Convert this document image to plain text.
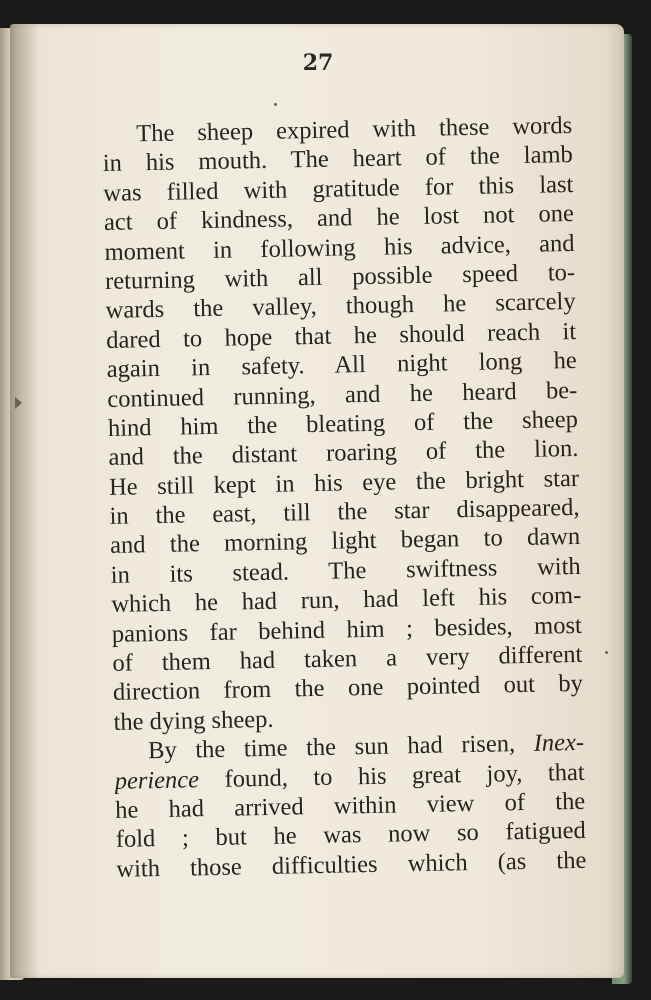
27
The sheep expired with these words
in his mouth. The heart of the lamb
was filled with gratitude for this last
act of kindness, and he lost not one
moment in following his advice, and
returning with all possible speed to-
wards the valley, though he scarcely
dared to hope that he should reach it
again in safety. All night long he
continued running, and he heard be-
hind him the bleating of the sheep
and the distant roaring of the lion.
He still kept in his eye the bright star
in the east, till the star disappeared,
and the morning light began to dawn
in its stead. The swiftness with
which he had run, had left his com-
panions far behind him ; besides, most
of them had taken a very different
direction from the one pointed out by
the dying sheep.
By the time the sun had risen, Inex-
perience found, to his great joy, that
he had arrived within view of the
fold ; but he was now so fatigued
with those difficulties which (as the
